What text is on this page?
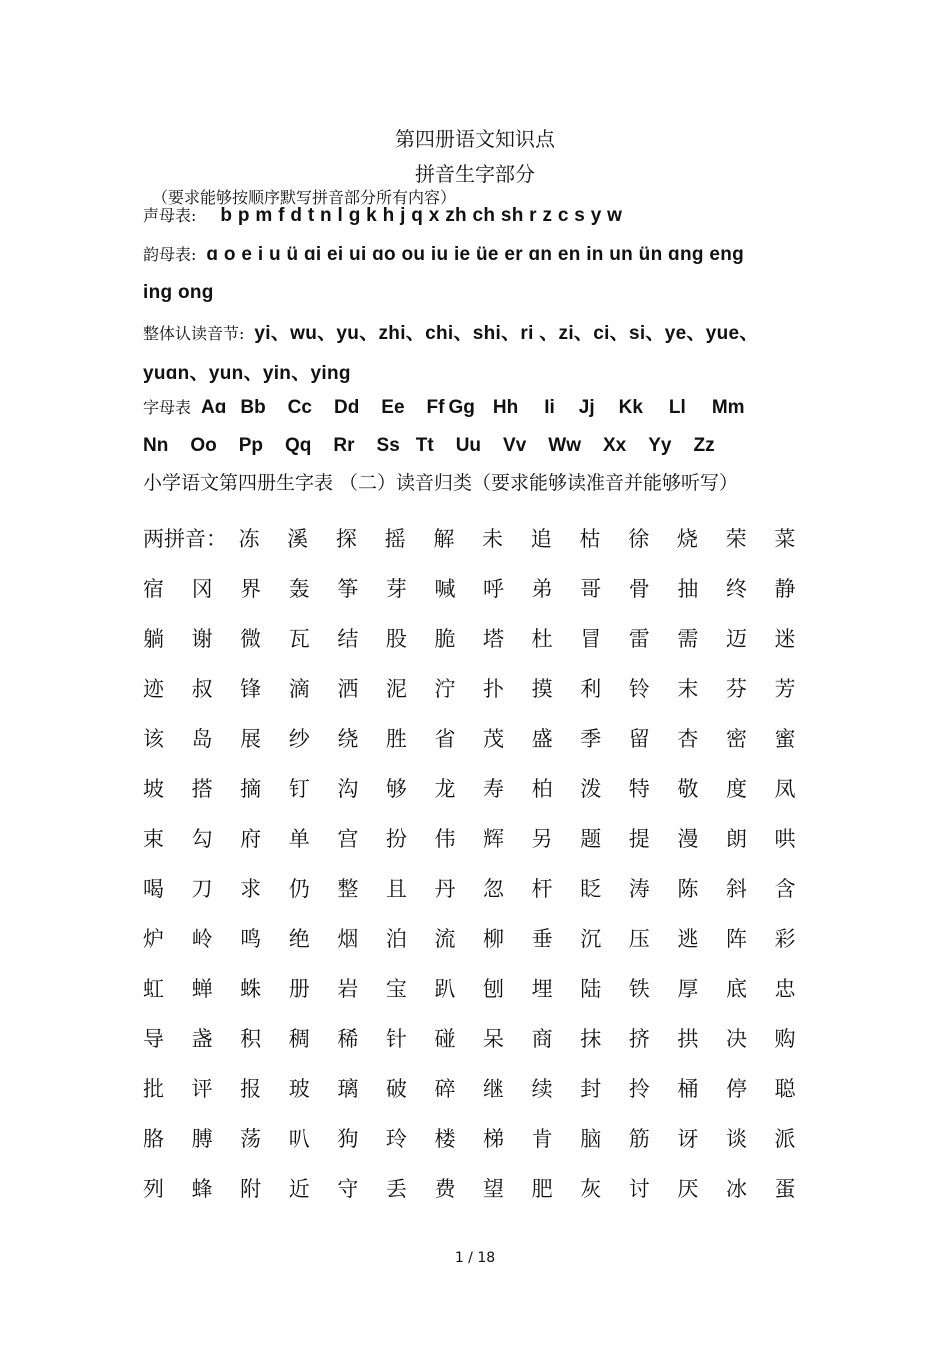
第四册语文知识点
拼音生字部分
（要求能够按顺序默写拼音部分所有内容）
声母表: b p m f d t n l ɡ k h j q x zh ch sh r z c s y w
韵母表: ɑ o e i u ü ɑi ei ui ɑo ou iu ie üe er ɑn en in un ün ɑnɡ enɡ
inɡ onɡ
整体认读音节: yi、wu、yu、zhi、chi、shi、ri 、zi、ci、si、ye、yue、
yuɑn、yun、yin、yinɡ
字母表 Aɑ Bb Cc Dd Ee Ff Gɡ Hh Ii Jj Kk Ll Mm
Nn Oo Pp Qq Rr Ss Tt Uu Vv Ww Xx Yy Zz
小学语文第四册生字表 （二）读音归类（要求能够读准音并能够听写）
两拼音： 冻	溪	探	摇	解	未	追	枯	徐	烧	荣	菜
宿	冈	界	轰	筝	芽	喊	呼	弟	哥	骨	抽	终	静
躺	谢	微	瓦	结	股	脆	塔	杜	冒	雷	需	迈	迷
迹	叔	锋	滴	洒	泥	泞	扑	摸	利	铃	末	芬	芳
该	岛	展	纱	绕	胜	省	茂	盛	季	留	杏	密	蜜
坡	搭	摘	钉	沟	够	龙	寿	柏	泼	特	敬	度	凤
束	勾	府	单	宫	扮	伟	辉	另	题	提	漫	朗	哄
喝	刀	求	仍	整	且	丹	忽	杆	眨	涛	陈	斜	含
炉	岭	鸣	绝	烟	泊	流	柳	垂	沉	压	逃	阵	彩
虹	蝉	蛛	册	岩	宝	趴	刨	埋	陆	铁	厚	底	忠
导	盏	积	稠	稀	针	碰	呆	商	抹	挤	拱	决	购
批	评	报	玻	璃	破	碎	继	续	封	拎	桶	停	聪
胳	膊	荡	叭	狗	玲	楼	梯	肯	脑	筋	讶	谈	派
列	蜂	附	近	守	丢	费	望	肥	灰	讨	厌	冰	蛋
1 / 18
